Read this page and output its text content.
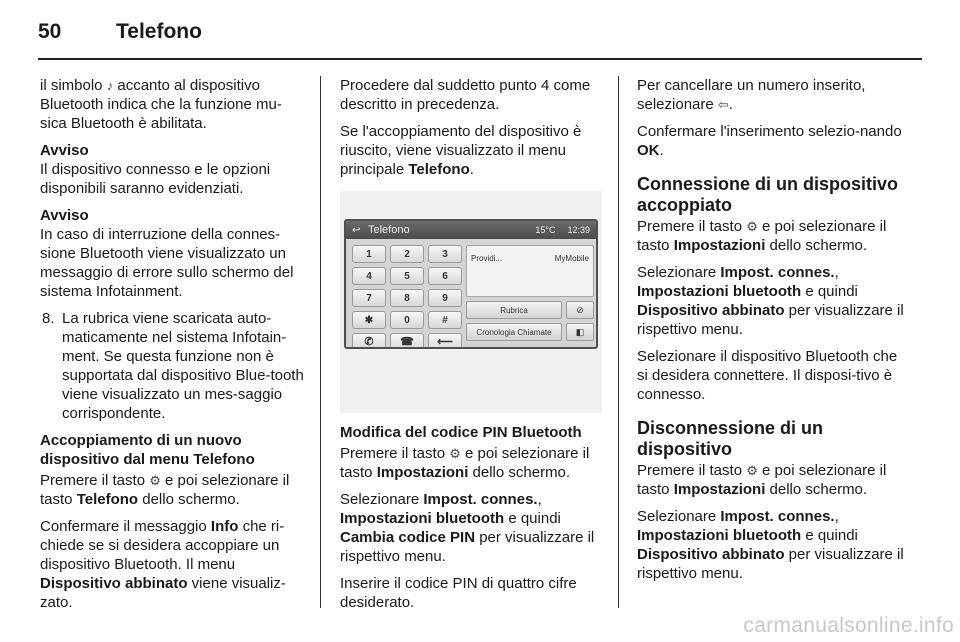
50	Telefono

il simbolo ♪ accanto al dispositivo Bluetooth indica che la funzione mu-sica Bluetooth è abilitata.

Avviso
Il dispositivo connesso e le opzioni disponibili saranno evidenziati.
Avviso
In caso di interruzione della connes-sione Bluetooth viene visualizzato un messaggio di errore sullo schermo del sistema Infotainment.
8. La rubrica viene scaricata auto-maticamente nel sistema Infotain-ment. Se questa funzione non è supportata dal dispositivo Blue-tooth viene visualizzato un mes-saggio corrispondente.
Accoppiamento di un nuovo dispositivo dal menu Telefono

Premere il tasto ⚙ e poi selezionare il tasto Telefono dello schermo.

Confermare il messaggio Info che ri-chiede se si desidera accoppiare un dispositivo Bluetooth. Il menu Dispositivo abbinato viene visualiz-zato.

Procedere dal suddetto punto 4 come descritto in precedenza.

Se l'accoppiamento del dispositivo è riuscito, viene visualizzato il menu principale Telefono.

↩ Telefono	15°C 12:39
1	2	3
4	5	6
7	8	9
✱	0	#
✆	☎	⟵
Providi...	MyMobile
Rubrica	⊘
Cronologia Chiamate	◧
Modifica del codice PIN Bluetooth

Premere il tasto ⚙ e poi selezionare il tasto Impostazioni dello schermo.

Selezionare Impost. connes., Impostazioni bluetooth e quindi Cambia codice PIN per visualizzare il rispettivo menu.

Inserire il codice PIN di quattro cifre desiderato.

Per cancellare un numero inserito, selezionare ⇦.

Confermare l'inserimento selezio-nando OK.

Connessione di un dispositivo accoppiato

Premere il tasto ⚙ e poi selezionare il tasto Impostazioni dello schermo.

Selezionare Impost. connes., Impostazioni bluetooth e quindi Dispositivo abbinato per visualizzare il rispettivo menu.

Selezionare il dispositivo Bluetooth che si desidera connettere. Il disposi-tivo è connesso.

Disconnessione di un dispositivo

Premere il tasto ⚙ e poi selezionare il tasto Impostazioni dello schermo.

Selezionare Impost. connes., Impostazioni bluetooth e quindi Dispositivo abbinato per visualizzare il rispettivo menu.

carmanualsonline.info
